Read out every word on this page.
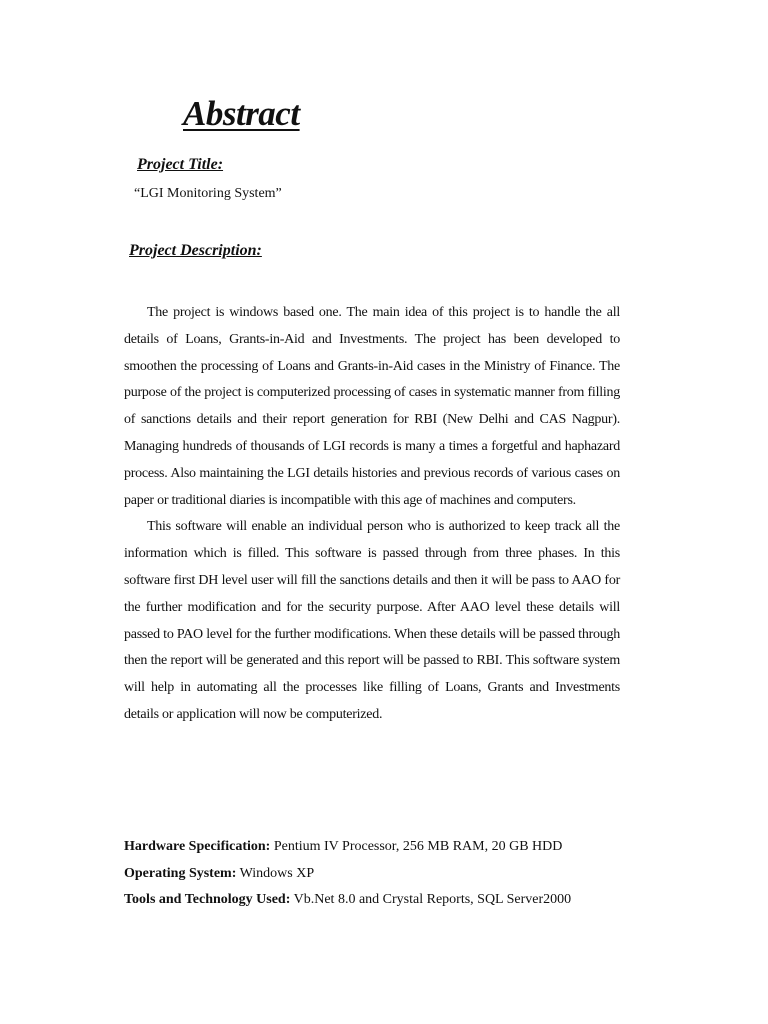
Abstract
Project Title:
“LGI Monitoring System”
Project Description:

The project is windows based one. The main idea of this project is to handle the all details of Loans, Grants-in-Aid and Investments. The project has been developed to smoothen the processing of Loans and Grants-in-Aid cases in the Ministry of Finance. The purpose of the project is computerized processing of cases in systematic manner from filling of sanctions details and their report generation for RBI (New Delhi and CAS Nagpur). Managing hundreds of thousands of LGI records is many a times a forgetful and haphazard process. Also maintaining the LGI details histories and previous records of various cases on paper or traditional diaries is incompatible with this age of machines and computers.

This software will enable an individual person who is authorized to keep track all the information which is filled. This software is passed through from three phases. In this software first DH level user will fill the sanctions details and then it will be pass to AAO for the further modification and for the security purpose. After AAO level these details will passed to PAO level for the further modifications. When these details will be passed through then the report will be generated and this report will be passed to RBI. This software system will help in automating all the processes like filling of Loans, Grants and Investments details or application will now be computerized.

Hardware Specification: Pentium IV Processor, 256 MB RAM, 20 GB HDD
Operating System: Windows XP
Tools and Technology Used: Vb.Net 8.0 and Crystal Reports, SQL Server2000
